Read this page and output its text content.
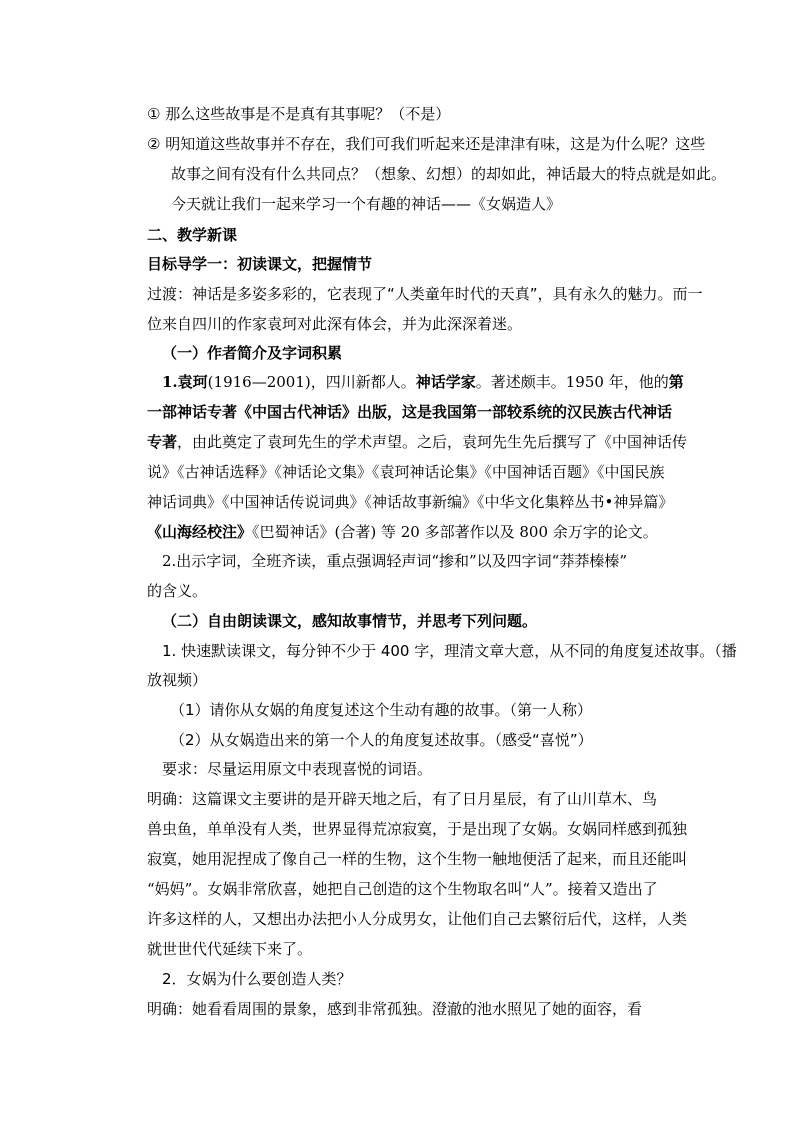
① 那么这些故事是不是真有其事呢？（不是）
② 明知道这些故事并不存在，我们可我们听起来还是津津有味，这是为什么呢？这些
故事之间有没有什么共同点？（想象、幻想）的却如此，神话最大的特点就是如此。
今天就让我们一起来学习一个有趣的神话——《女娲造人》
二、教学新课
目标导学一：初读课文，把握情节
过渡：神话是多姿多彩的，它表现了“人类童年时代的天真”，具有永久的魅力。而一
位来自四川的作家袁珂对此深有体会，并为此深深着迷。
（一）作者简介及字词积累
1.袁珂(1916—2001)，四川新都人。神话学家。著述颇丰。1950 年，他的第
一部神话专著《中国古代神话》出版，这是我国第一部较系统的汉民族古代神话
专著，由此奠定了袁珂先生的学术声望。之后，袁珂先生先后撰写了《中国神话传
说》《古神话选释》《神话论文集》《袁珂神话论集》《中国神话百题》《中国民族
神话词典》《中国神话传说词典》《神话故事新编》《中华文化集粹丛书•神异篇》
《山海经校注》《巴蜀神话》(合著) 等 20 多部著作以及 800 余万字的论文。
2.出示字词，全班齐读，重点强调轻声词“掺和”以及四字词“莽莽榛榛”
的含义。
（二）自由朗读课文，感知故事情节，并思考下列问题。
1. 快速默读课文，每分钟不少于 400 字，理清文章大意，从不同的角度复述故事。（播
放视频）
（1）请你从女娲的角度复述这个生动有趣的故事。（第一人称）
（2）从女娲造出来的第一个人的角度复述故事。（感受“喜悦”）
要求：尽量运用原文中表现喜悦的词语。
明确：这篇课文主要讲的是开辟天地之后，有了日月星辰，有了山川草木、鸟
兽虫鱼，单单没有人类，世界显得荒凉寂寞，于是出现了女娲。女娲同样感到孤独
寂寞，她用泥捏成了像自己一样的生物，这个生物一触地便活了起来，而且还能叫
“妈妈”。女娲非常欣喜，她把自己创造的这个生物取名叫“人”。接着又造出了
许多这样的人，又想出办法把小人分成男女，让他们自己去繁衍后代，这样，人类
就世世代代延续下来了。
2．女娲为什么要创造人类？
明确：她看看周围的景象，感到非常孤独。澄澈的池水照见了她的面容，看
